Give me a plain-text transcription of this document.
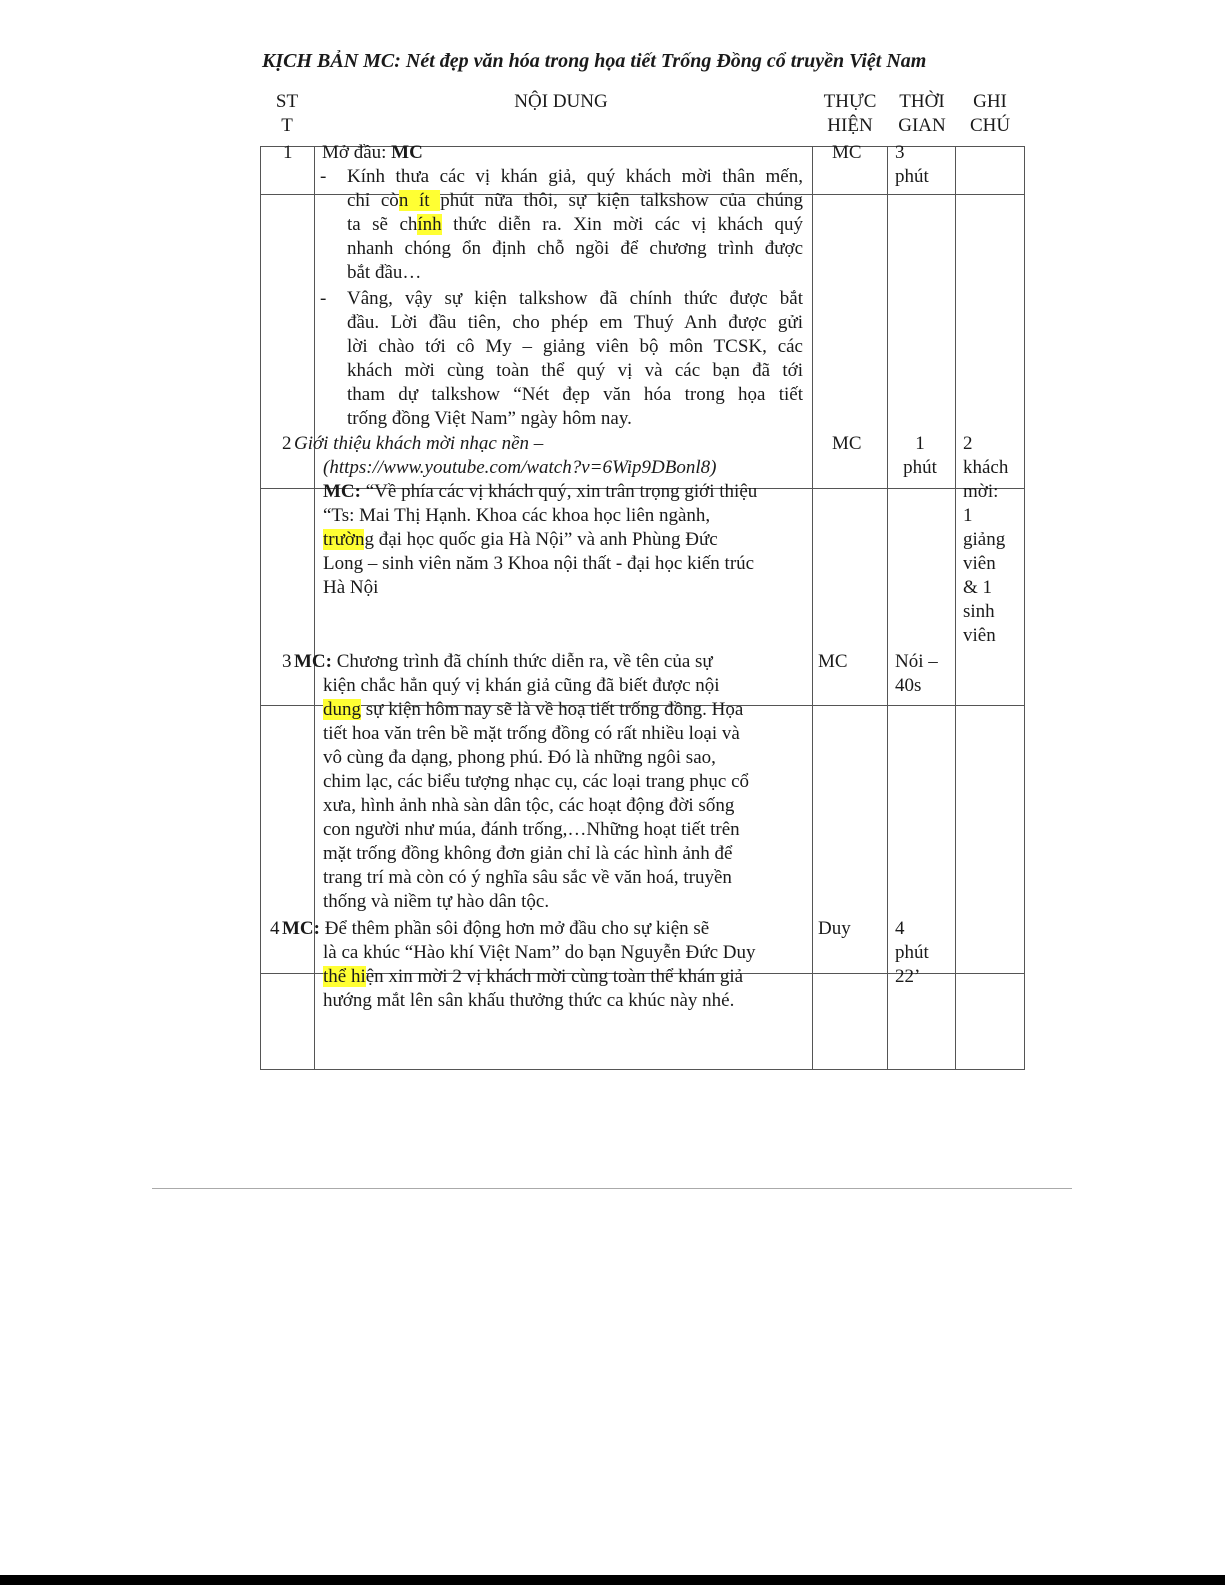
KỊCH BẢN MC: Nét đẹp văn hóa trong họa tiết Trống Đồng cổ truyền Việt Nam
ST
T
NỘI DUNG	THỰC
HIỆN
THỜI
GIAN
GHI
CHÚ
1 Mở đầu: MC
- Kính thưa các vị khán giả, quý khách mời thân mến,
chỉ còn ít phút nữa thôi, sự kiện talkshow của chúng
ta sẽ chính thức diễn ra. Xin mời các vị khách quý
nhanh chóng ổn định chỗ ngồi để chương trình được
bắt đầu…
- Vâng, vậy sự kiện talkshow đã chính thức được bắt
đầu. Lời đầu tiên, cho phép em Thuý Anh được gửi
lời chào tới cô My – giảng viên bộ môn TCSK, các
khách mời cùng toàn thể quý vị và các bạn đã tới
tham dự talkshow “Nét đẹp văn hóa trong họa tiết
trống đồng Việt Nam” ngày hôm nay.
MC 3
phút
2 Giới thiệu khách mời nhạc nền –
(https://www.youtube.com/watch?v=6Wip9DBonl8)
MC: “Về phía các vị khách quý, xin trân trọng giới thiệu
“Ts: Mai Thị Hạnh. Khoa các khoa học liên ngành,
trường đại học quốc gia Hà Nội” và anh Phùng Đức
Long – sinh viên năm 3 Khoa nội thất - đại học kiến trúc
Hà Nội
MC	1
phút
2
khách
mời:
1
giảng
viên
& 1
sinh
viên
3 MC: Chương trình đã chính thức diễn ra, về tên của sự
kiện chắc hẳn quý vị khán giả cũng đã biết được nội
dung sự kiện hôm nay sẽ là về hoạ tiết trống đồng. Họa
tiết hoa văn trên bề mặt trống đồng có rất nhiều loại và
vô cùng đa dạng, phong phú. Đó là những ngôi sao,
chim lạc, các biểu tượng nhạc cụ, các loại trang phục cổ
xưa, hình ảnh nhà sàn dân tộc, các hoạt động đời sống
con người như múa, đánh trống,…Những hoạt tiết trên
mặt trống đồng không đơn giản chỉ là các hình ảnh để
trang trí mà còn có ý nghĩa sâu sắc về văn hoá, truyền
thống và niềm tự hào dân tộc.
MC Nói –
40s
4 MC: Để thêm phần sôi động hơn mở đầu cho sự kiện sẽ
là ca khúc “Hào khí Việt Nam” do bạn Nguyễn Đức Duy
thể hiện xin mời 2 vị khách mời cùng toàn thể khán giả
hướng mắt lên sân khấu thưởng thức ca khúc này nhé.
Duy 4
phút
22’
